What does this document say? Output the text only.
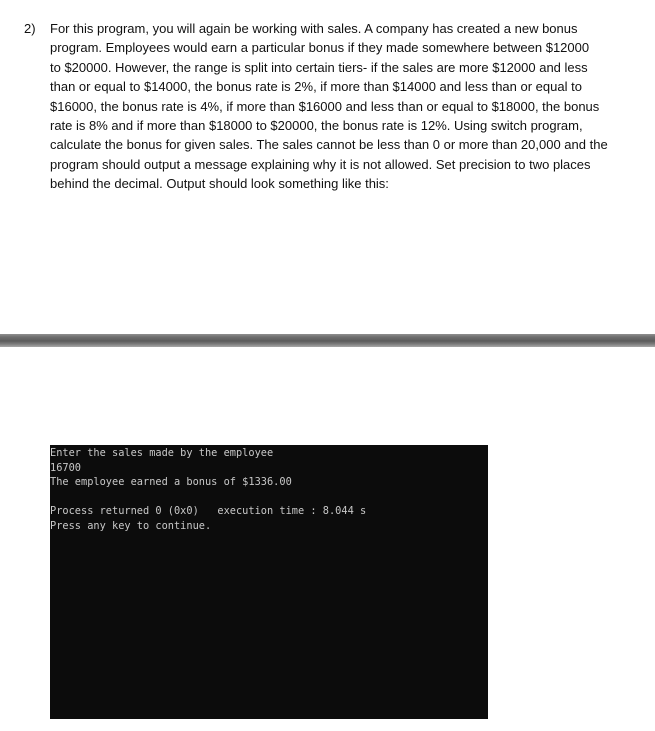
2)	For this program, you will again be working with sales. A company has created a new bonus

program. Employees would earn a particular bonus if they made somewhere between $12000

to $20000. However, the range is split into certain tiers- if the sales are more $12000 and less

than or equal to $14000, the bonus rate is 2%, if more than $14000 and less than or equal to

$16000, the bonus rate is 4%, if more than $16000 and less than or equal to $18000, the bonus

rate is 8% and if more than $18000 to $20000, the bonus rate is 12%. Using switch program,

calculate the bonus for given sales. The sales cannot be less than 0 or more than 20,000 and the

program should output a message explaining why it is not allowed. Set precision to two places

behind the decimal. Output should look something like this:

Enter the sales made by the employee
16700
The employee earned a bonus of $1336.00
Process returned 0 (0x0)   execution time : 8.044 s
Press any key to continue.
